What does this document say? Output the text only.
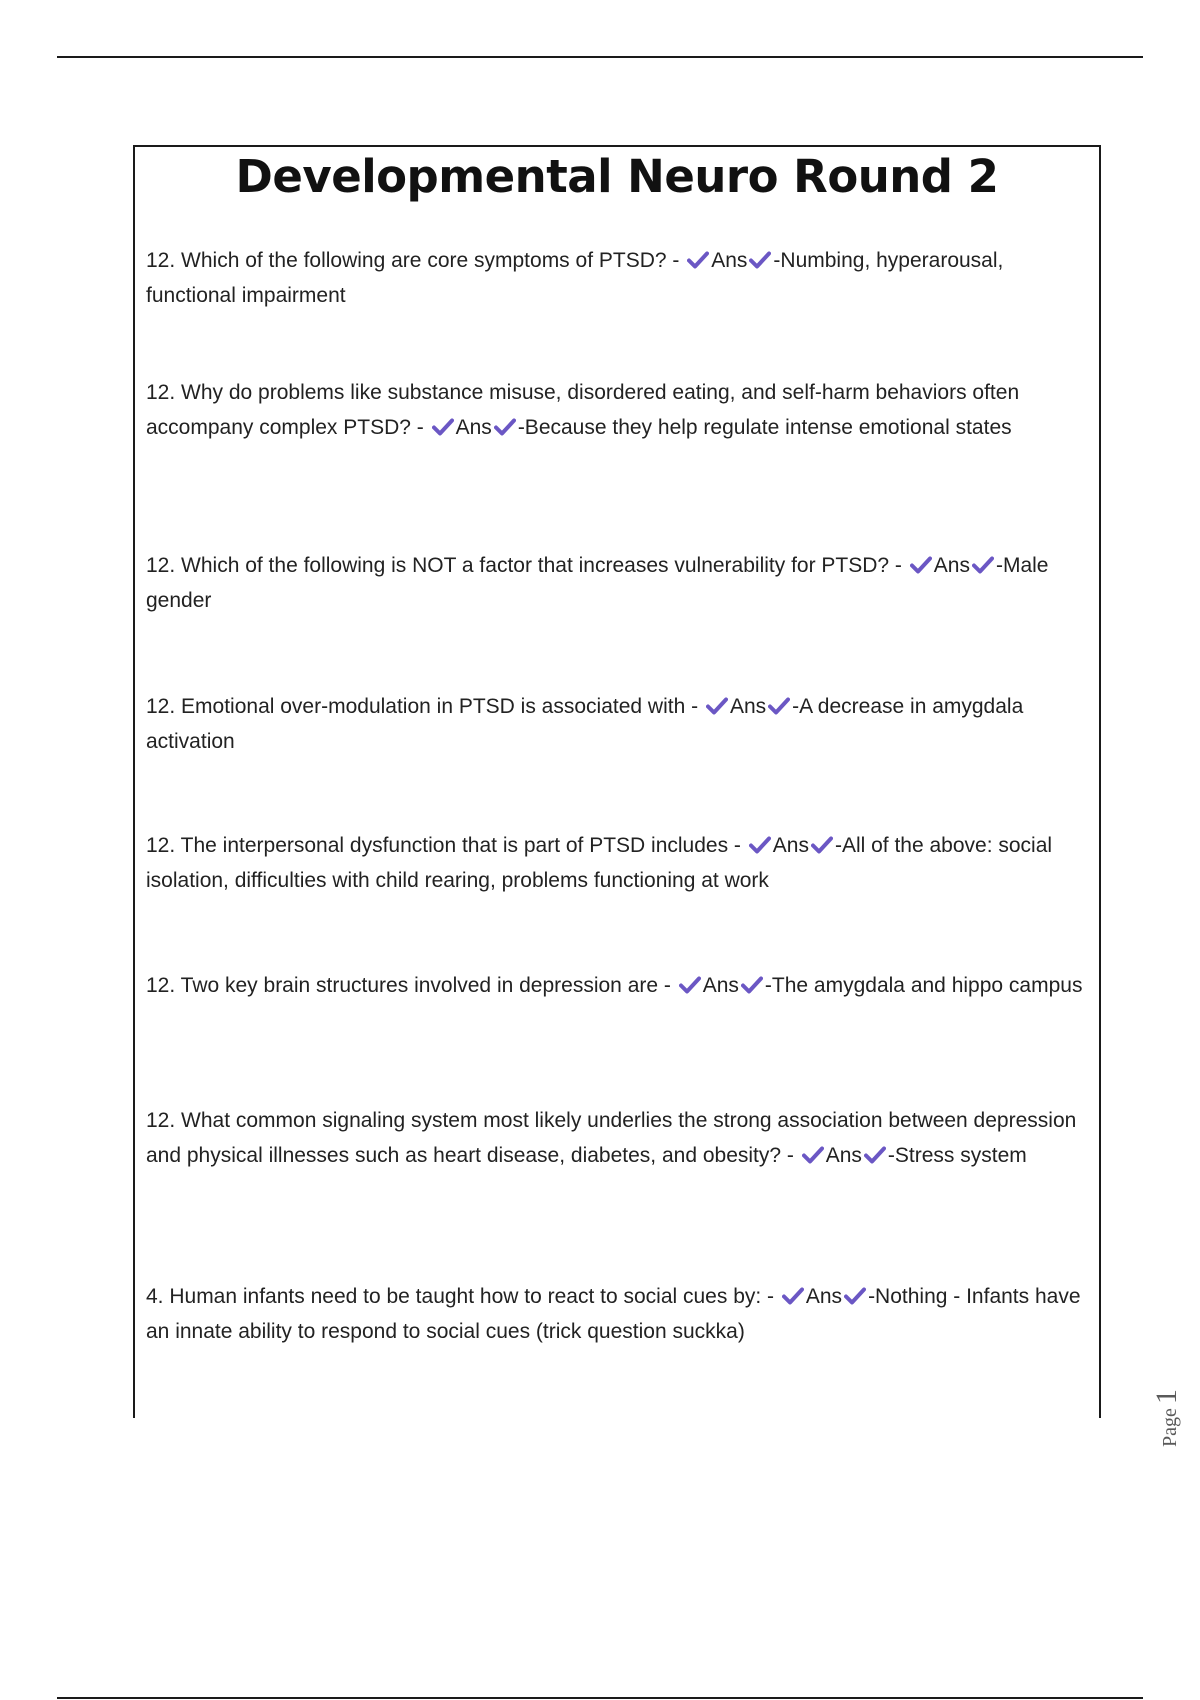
Developmental Neuro Round 2
12. Which of the following are core symptoms of PTSD? - Ans -Numbing, hyperarousal, functional impairment
12. Why do problems like substance misuse, disordered eating, and self-harm behaviors often accompany complex PTSD? - Ans -Because they help regulate intense emotional states
12. Which of the following is NOT a factor that increases vulnerability for PTSD? - Ans -Male gender
12. Emotional over-modulation in PTSD is associated with - Ans -A decrease in amygdala activation
12. The interpersonal dysfunction that is part of PTSD includes - Ans -All of the above: social isolation, difficulties with child rearing, problems functioning at work
12. Two key brain structures involved in depression are - Ans -The amygdala and hippo campus
12. What common signaling system most likely underlies the strong association between depression and physical illnesses such as heart disease, diabetes, and obesity? - Ans -Stress system
4. Human infants need to be taught how to react to social cues by: - Ans -Nothing - Infants have an innate ability to respond to social cues (trick question suckka)
Page1
